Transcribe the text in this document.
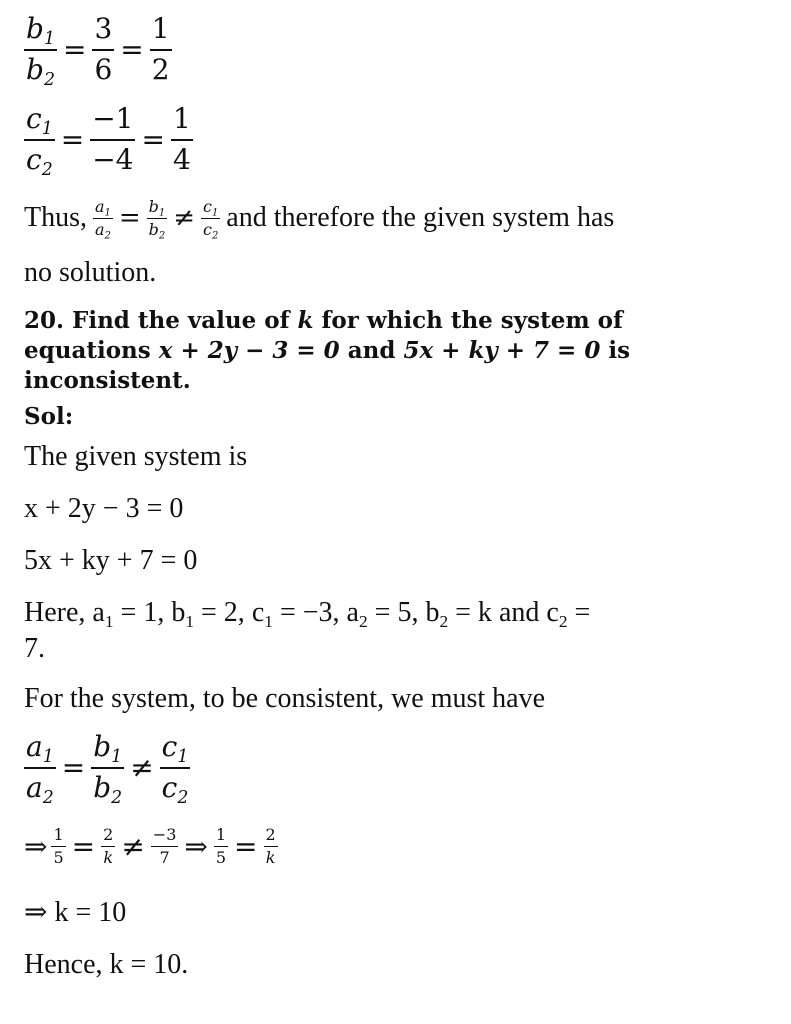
$\frac{b_1}{b_2} = \frac{3}{6} = \frac{1}{2}$
$\frac{c_1}{c_2} = \frac{-1}{-4} = \frac{1}{4}$
Thus, $\frac{a_1}{a_2} = \frac{b_1}{b_2} \ne \frac{c_1}{c_2}$ and therefore the given system has
no solution.
20. Find the value of k for which the system of
equations x + 2y − 3 = 0 and 5x + ky + 7 = 0 is
inconsistent.
Sol:
The given system is
x + 2y − 3 = 0
5x + ky + 7 = 0
Here, $a_1 = 1$, $b_1 = 2$, $c_1 = -3$, $a_2 = 5$, $b_2 = k$ and $c_2$ =
7.
For the system, to be consistent, we must have
$\frac{a_1}{a_2} = \frac{b_1}{b_2} \ne \frac{c_1}{c_2}$
⇒ $\frac{1}{5} = \frac{2}{k} \ne \frac{-3}{7}$ ⇒ $\frac{1}{5} = \frac{2}{k}$
⇒ k = 10
Hence, k = 10.
